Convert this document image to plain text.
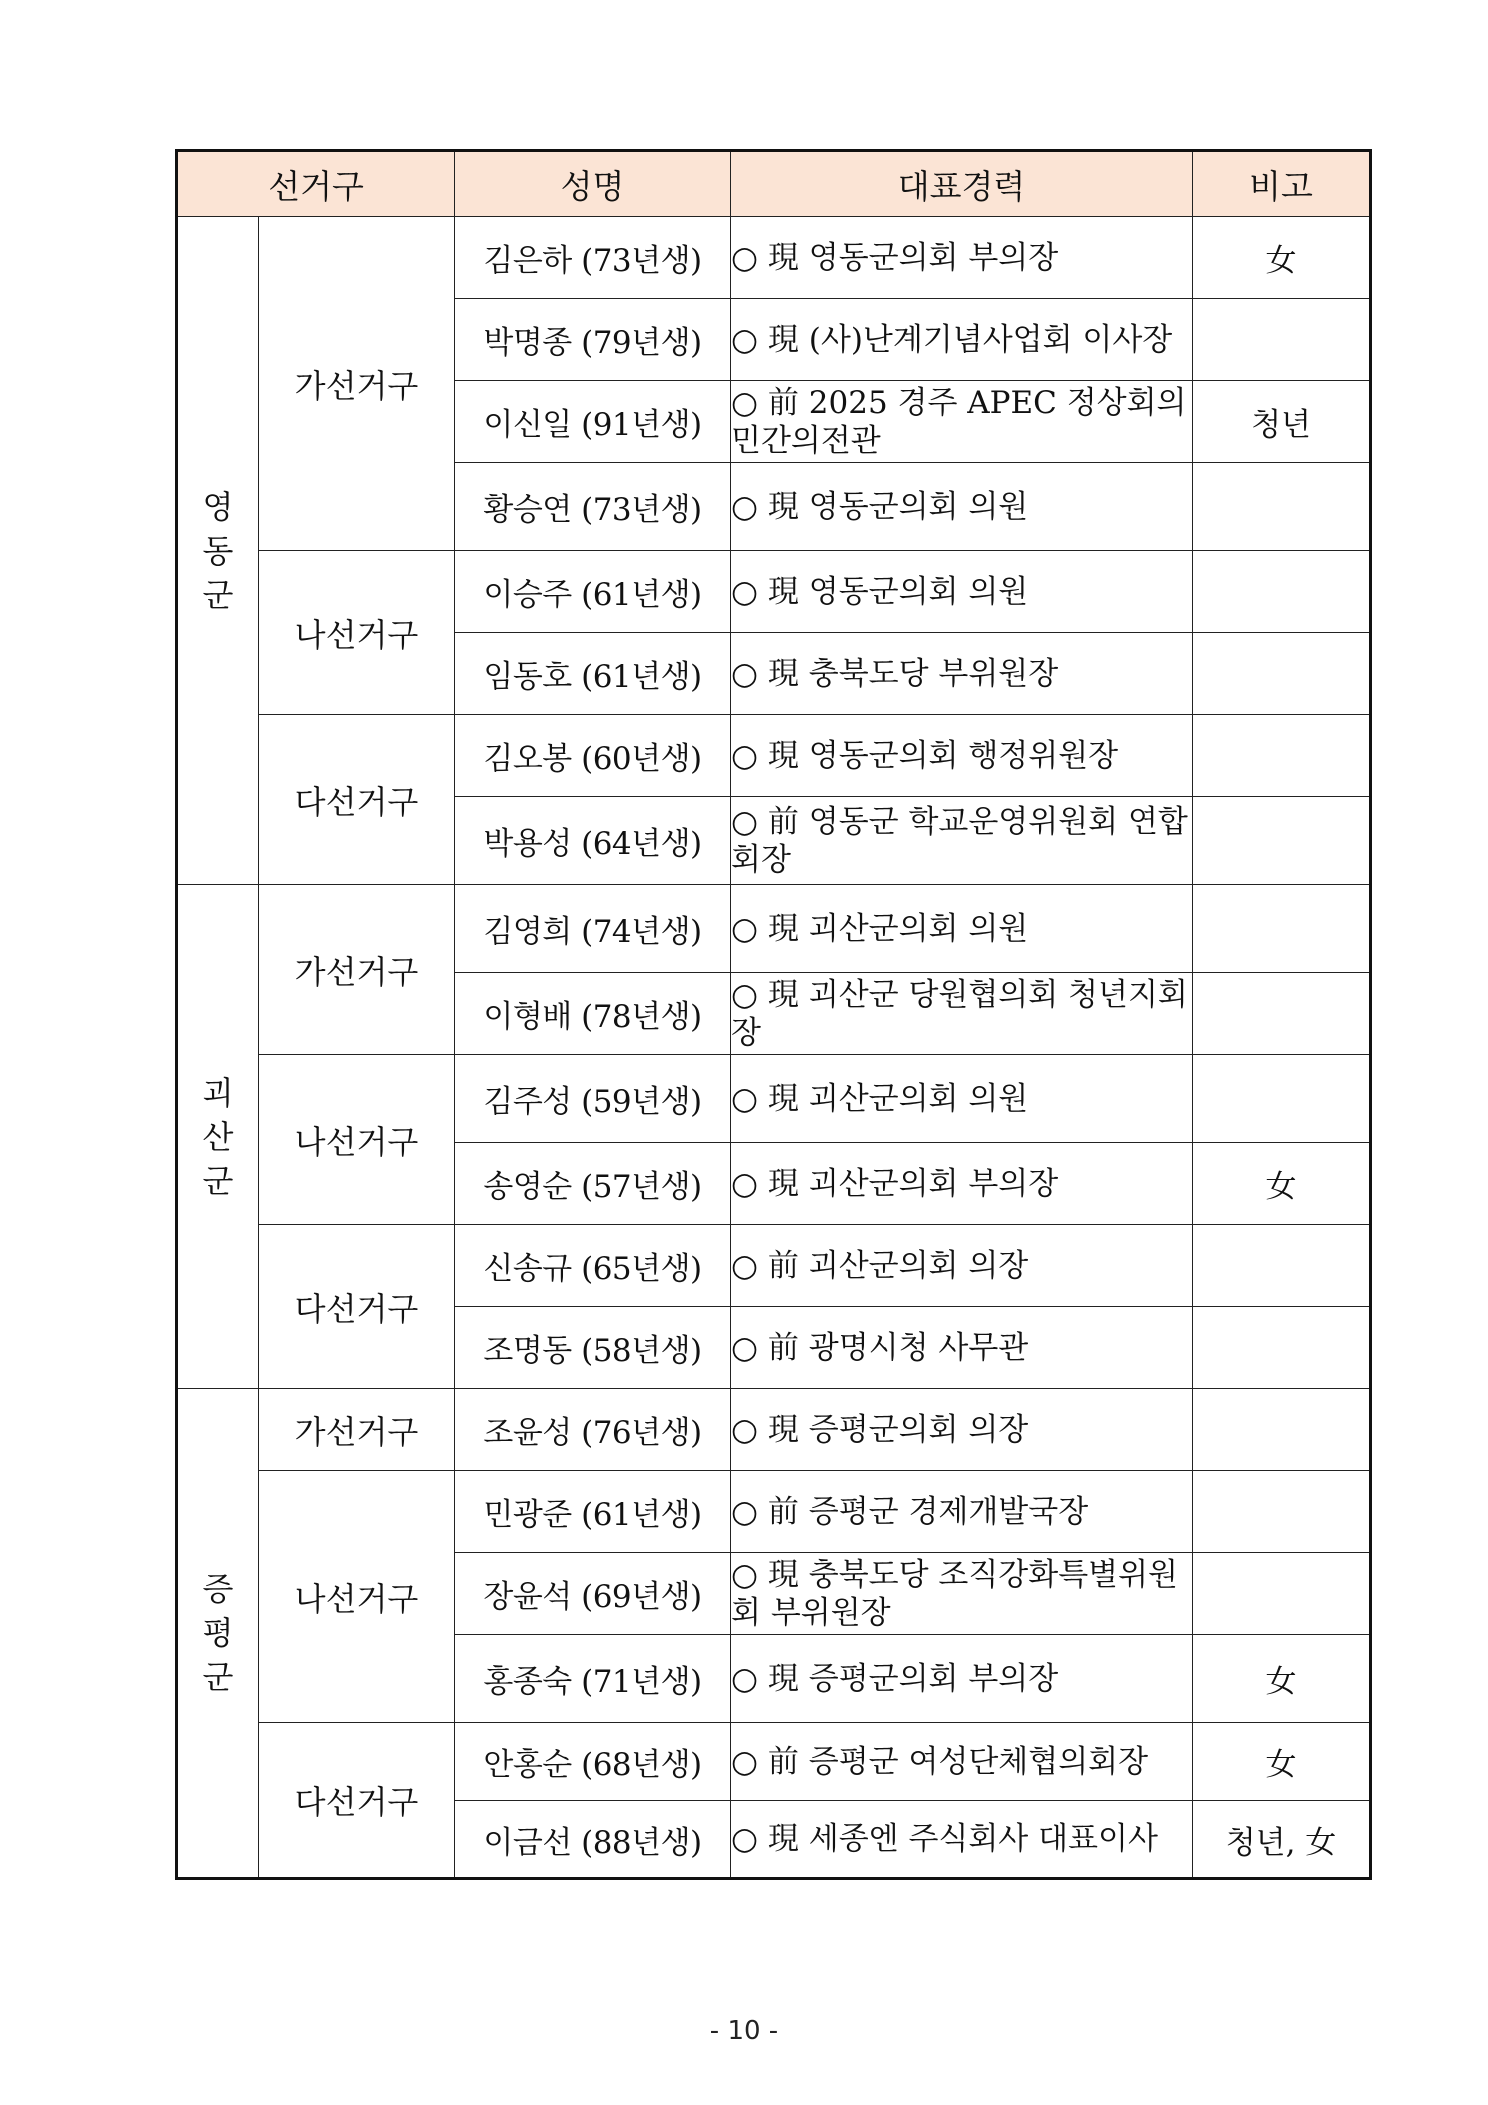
선거구		성명	대표경력	비고

영
동
군	가선거구	김은하 (73년생)	○ 現 영동군의회 부의장	女
		박명종 (79년생)	○ 現 (사)난계기념사업회 이사장	
		이신일 (91년생)	○ 前 2025 경주 APEC 정상회의 민간의전관	청년
		황승연 (73년생)	○ 現 영동군의회 의원	
	나선거구	이승주 (61년생)	○ 現 영동군의회 의원	
		임동호 (61년생)	○ 現 충북도당 부위원장	
	다선거구	김오봉 (60년생)	○ 現 영동군의회 행정위원장	
		박용성 (64년생)	○ 前 영동군 학교운영위원회 연합회장	

괴
산
군	가선거구	김영희 (74년생)	○ 現 괴산군의회 의원	
		이형배 (78년생)	○ 現 괴산군 당원협의회 청년지회장	
	나선거구	김주성 (59년생)	○ 現 괴산군의회 의원	
		송영순 (57년생)	○ 現 괴산군의회 부의장	女
	다선거구	신송규 (65년생)	○ 前 괴산군의회 의장	
		조명동 (58년생)	○ 前 광명시청 사무관	

증
평
군	가선거구	조윤성 (76년생)	○ 現 증평군의회 의장	
	나선거구	민광준 (61년생)	○ 前 증평군 경제개발국장	
		장윤석 (69년생)	○ 現 충북도당 조직강화특별위원회 부위원장	
		홍종숙 (71년생)	○ 現 증평군의회 부의장	女
	다선거구	안홍순 (68년생)	○ 前 증평군 여성단체협의회장	女
		이금선 (88년생)	○ 現 세종엔 주식회사 대표이사	청년, 女
- 10 -
